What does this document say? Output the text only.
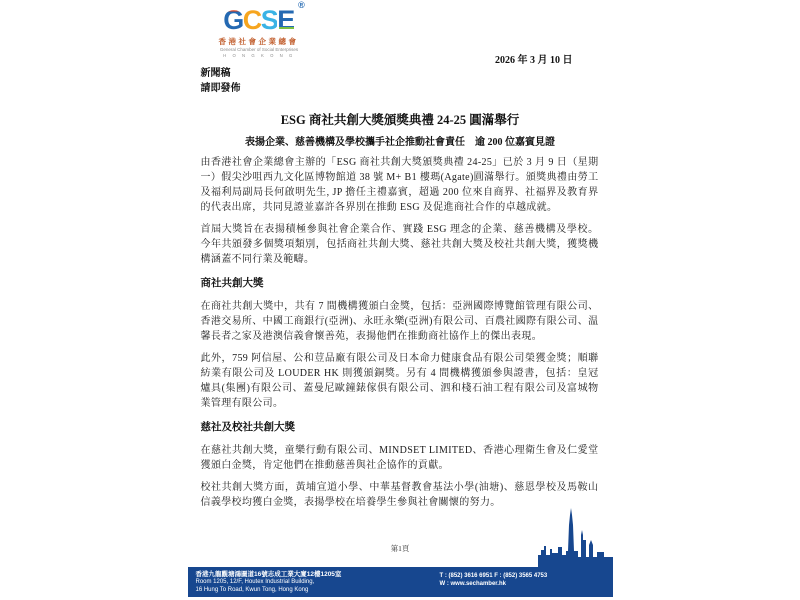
GCSE ®
香港社會企業總會
General Chamber of Social Enterprises
H O N G K O N G	2026 年 3 月 10 日
新聞稿
請即發佈
ESG 商社共創大獎頒獎典禮 24-25 圓滿舉行
表揚企業、慈善機構及學校攜手社企推動社會責任　逾 200 位嘉賓見證

由香港社會企業總會主辦的「ESG 商社共創大獎頒獎典禮 24-25」已於 3 月 9 日（星期一）假尖沙咀西九文化區博物館道 38 號 M+ B1 樓瑪(Agate)圓滿舉行。頒獎典禮由勞工及福利局副局長何啟明先生, JP 擔任主禮嘉賓，超過 200 位來自商界、社福界及教育界的代表出席，共同見證並嘉許各界別在推動 ESG 及促進商社合作的卓越成就。

首屆大獎旨在表揚積極參與社會企業合作、實踐 ESG 理念的企業、慈善機構及學校。今年共頒發多個獎項類別，包括商社共創大獎、慈社共創大獎及校社共創大獎，獲獎機構涵蓋不同行業及範疇。

商社共創大獎

在商社共創大獎中，共有 7 間機構獲頒白金獎，包括：亞洲國際博覽館管理有限公司、香港交易所、中國工商銀行(亞洲)、永旺永樂(亞洲)有限公司、百農社國際有限公司、温馨長者之家及港澳信義會懷善苑，表揚他們在推動商社協作上的傑出表現。

此外，759 阿信屋、公和荳品廠有限公司及日本命力健康食品有限公司榮獲金獎；順聯紡業有限公司及 LOUDER HK 則獲頒銅獎。另有 4 間機構獲頒參與證書，包括：皇冠爐具(集團)有限公司、蓋曼尼歐鐘錶傢俱有限公司、泗和棧石油工程有限公司及富城物業管理有限公司。

慈社及校社共創大獎

在慈社共創大獎，童樂行動有限公司、MINDSET LIMITED、香港心理衛生會及仁愛堂獲頒白金獎，肯定他們在推動慈善與社企協作的貢獻。

校社共創大獎方面，黃埔宣道小學、中華基督教會基法小學(油塘)、慈恩學校及馬鞍山信義學校均獲白金獎，表揚學校在培養學生參與社會關懷的努力。

第1頁
香港九龍觀塘鴻圖道16號志成工業大廈12樓1205室
Room 1205, 12/F, Houtex Industrial Building,
16 Hung To Road, Kwun Tong, Hong Kong
T : (852) 3616 6951 F : (852) 3565 4753
W : www.sechamber.hk
